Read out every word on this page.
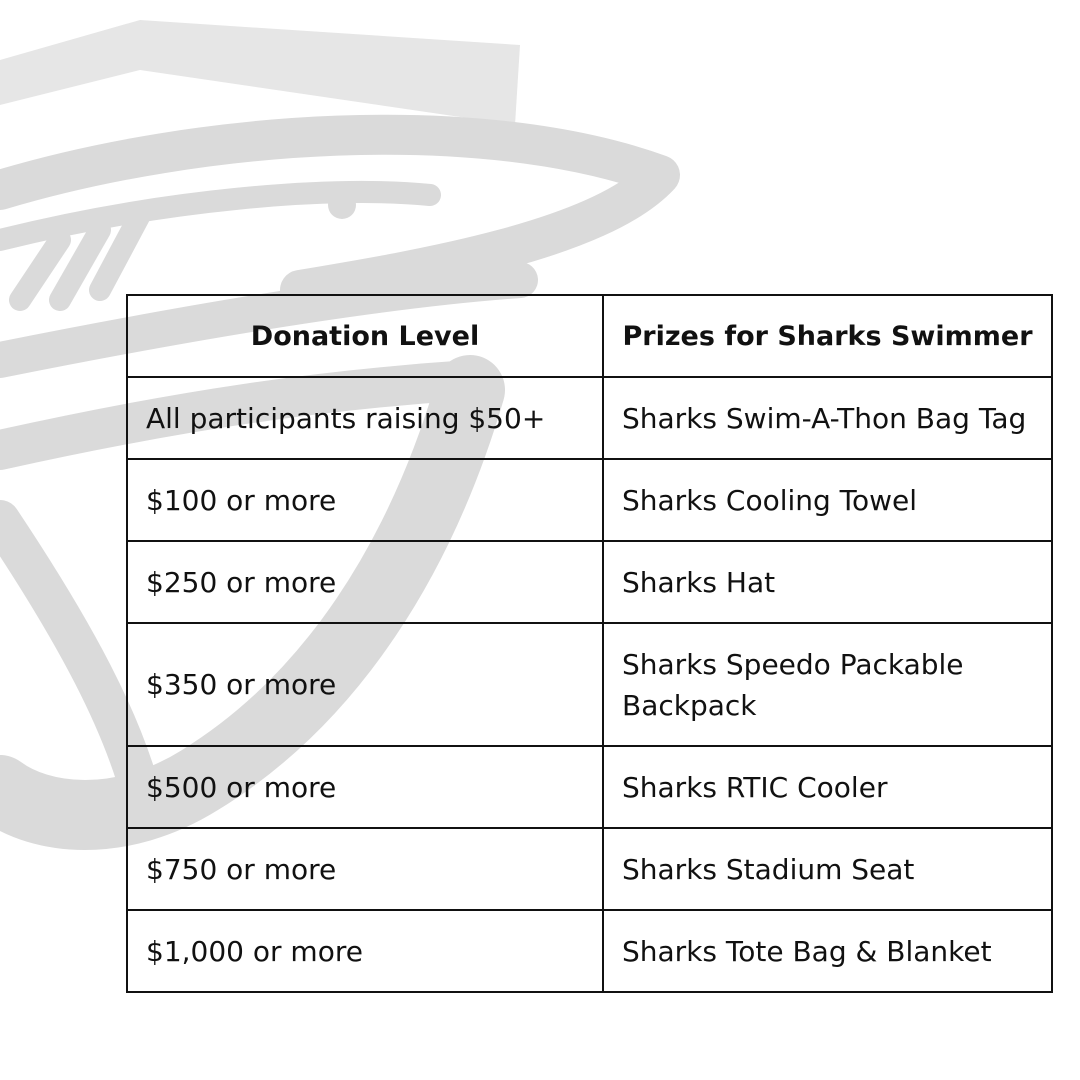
Donation Level	Prizes for Sharks Swimmer
All participants raising $50+	Sharks Swim-A-Thon Bag Tag
$100 or more	Sharks Cooling Towel
$250 or more	Sharks Hat
$350 or more	Sharks Speedo Packable Backpack
$500 or more	Sharks RTIC Cooler
$750 or more	Sharks Stadium Seat
$1,000 or more	Sharks Tote Bag & Blanket
